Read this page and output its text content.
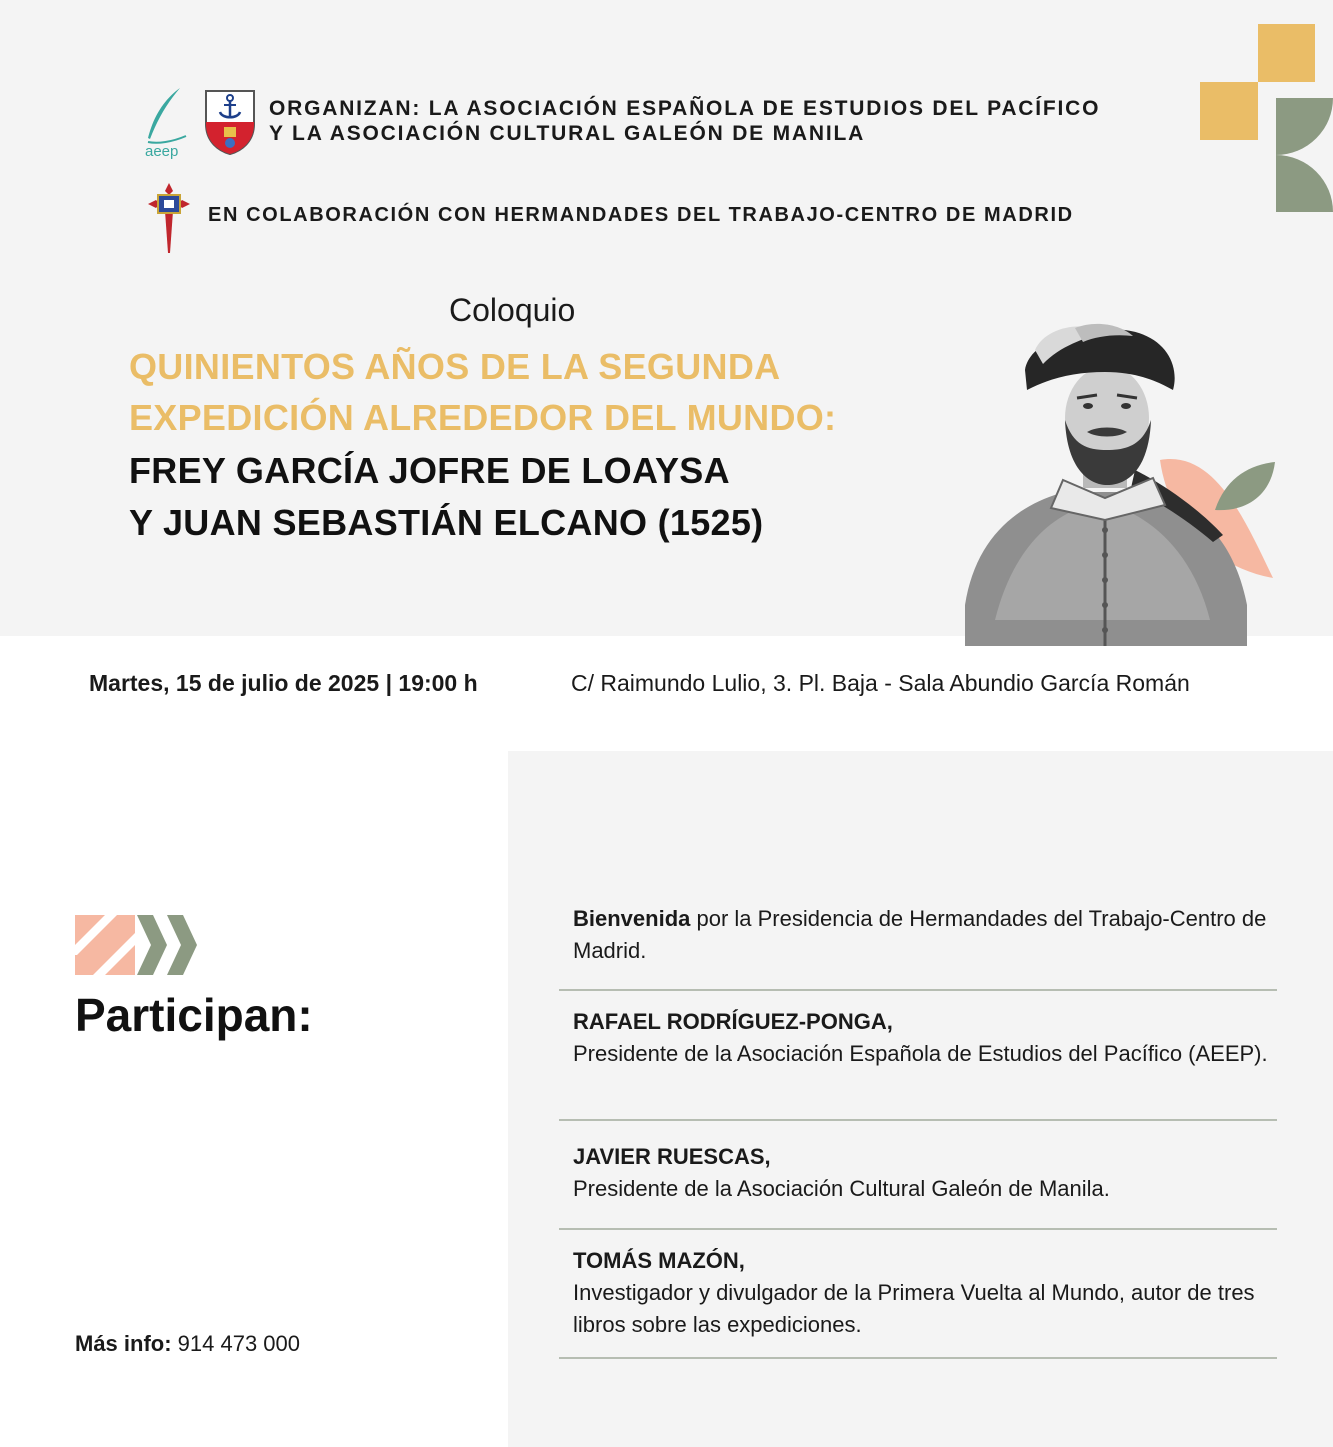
aeep
ORGANIZAN: LA ASOCIACIÓN ESPAÑOLA DE ESTUDIOS DEL PACÍFICO
Y LA ASOCIACIÓN CULTURAL GALEÓN DE MANILA
EN COLABORACIÓN CON HERMANDADES DEL TRABAJO-CENTRO DE MADRID
Coloquio
QUINIENTOS AÑOS DE LA SEGUNDA
EXPEDICIÓN ALREDEDOR DEL MUNDO:
FREY GARCÍA JOFRE DE LOAYSA
Y JUAN SEBASTIÁN ELCANO (1525)
Martes, 15 de julio de 2025 | 19:00 h	C/ Raimundo Lulio, 3. Pl. Baja - Sala Abundio García Román
Participan:
Más info: 914 473 000
Bienvenida por la Presidencia de Hermandades del Trabajo-Centro de Madrid.
RAFAEL RODRÍGUEZ-PONGA,
Presidente de la Asociación Española de Estudios del Pacífico (AEEP).
JAVIER RUESCAS,
Presidente de la Asociación Cultural Galeón de Manila.
TOMÁS MAZÓN,
Investigador y divulgador de la Primera Vuelta al Mundo, autor de tres libros sobre las expediciones.
